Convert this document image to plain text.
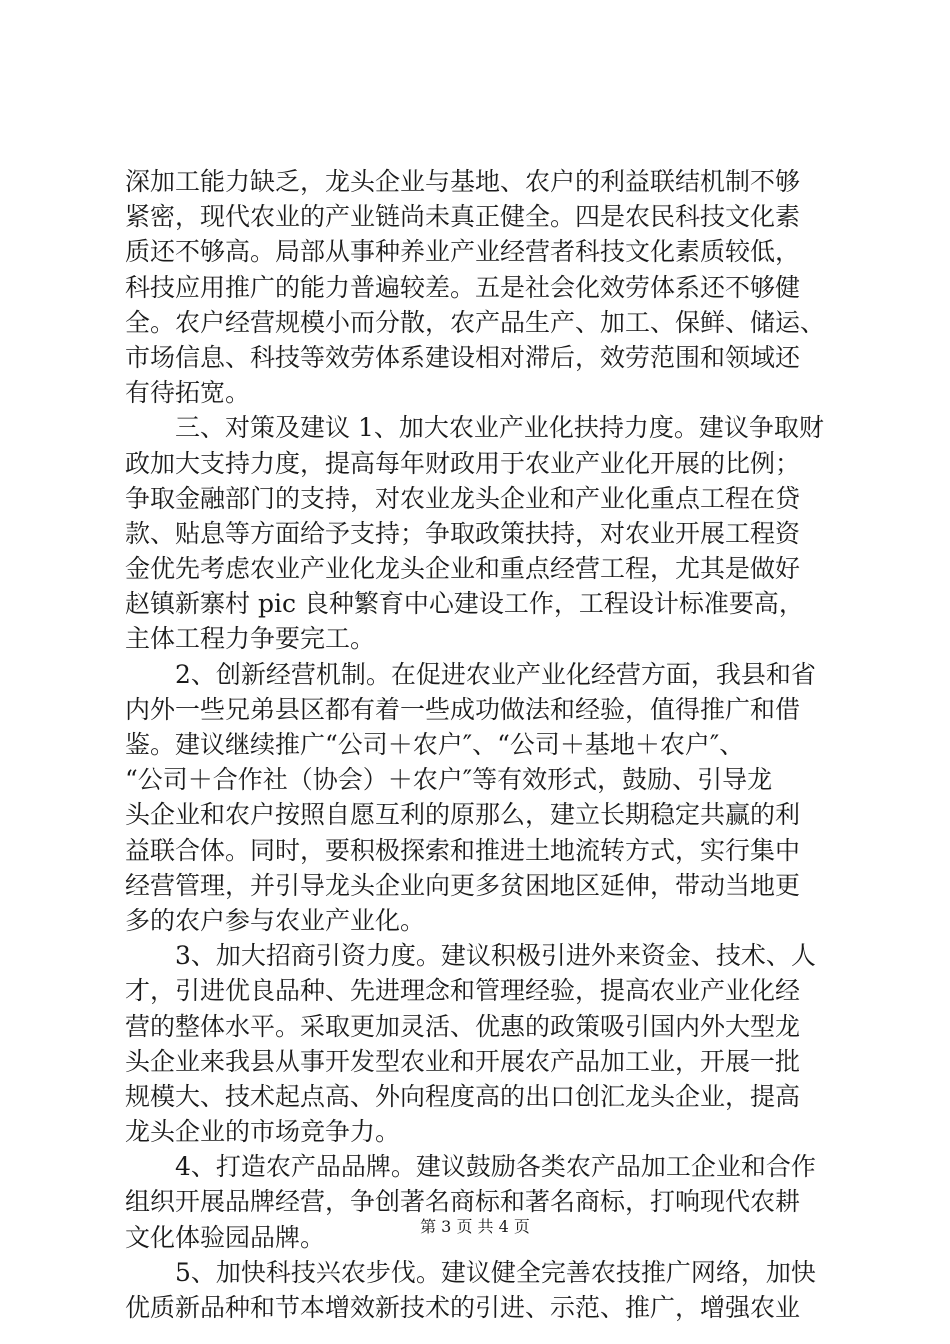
深加工能力缺乏，龙头企业与基地、农户的利益联结机制不够
紧密，现代农业的产业链尚未真正健全。四是农民科技文化素
质还不够高。局部从事种养业产业经营者科技文化素质较低，
科技应用推广的能力普遍较差。五是社会化效劳体系还不够健
全。农户经营规模小而分散，农产品生产、加工、保鲜、储运、
市场信息、科技等效劳体系建设相对滞后，效劳范围和领域还
有待拓宽。
　　三、对策及建议 1、加大农业产业化扶持力度。建议争取财
政加大支持力度，提高每年财政用于农业产业化开展的比例；
争取金融部门的支持，对农业龙头企业和产业化重点工程在贷
款、贴息等方面给予支持；争取政策扶持，对农业开展工程资
金优先考虑农业产业化龙头企业和重点经营工程，尤其是做好
赵镇新寨村 pic 良种繁育中心建设工作，工程设计标准要高，
主体工程力争要完工。
　　2、创新经营机制。在促进农业产业化经营方面，我县和省
内外一些兄弟县区都有着一些成功做法和经验，值得推广和借
鉴。建议继续推广“公司＋农户″、“公司＋基地＋农户″、
“公司＋合作社（协会）＋农户″等有效形式，鼓励、引导龙
头企业和农户按照自愿互利的原那么，建立长期稳定共赢的利
益联合体。同时，要积极探索和推进土地流转方式，实行集中
经营管理，并引导龙头企业向更多贫困地区延伸，带动当地更
多的农户参与农业产业化。
　　3、加大招商引资力度。建议积极引进外来资金、技术、人
才，引进优良品种、先进理念和管理经验，提高农业产业化经
营的整体水平。采取更加灵活、优惠的政策吸引国内外大型龙
头企业来我县从事开发型农业和开展农产品加工业，开展一批
规模大、技术起点高、外向程度高的出口创汇龙头企业，提高
龙头企业的市场竞争力。
　　4、打造农产品品牌。建议鼓励各类农产品加工企业和合作
组织开展品牌经营，争创著名商标和著名商标，打响现代农耕
文化体验园品牌。
　　5、加快科技兴农步伐。建议健全完善农技推广网络，加快
优质新品种和节本增效新技术的引进、示范、推广，增强农业
第 3 页 共 4 页
